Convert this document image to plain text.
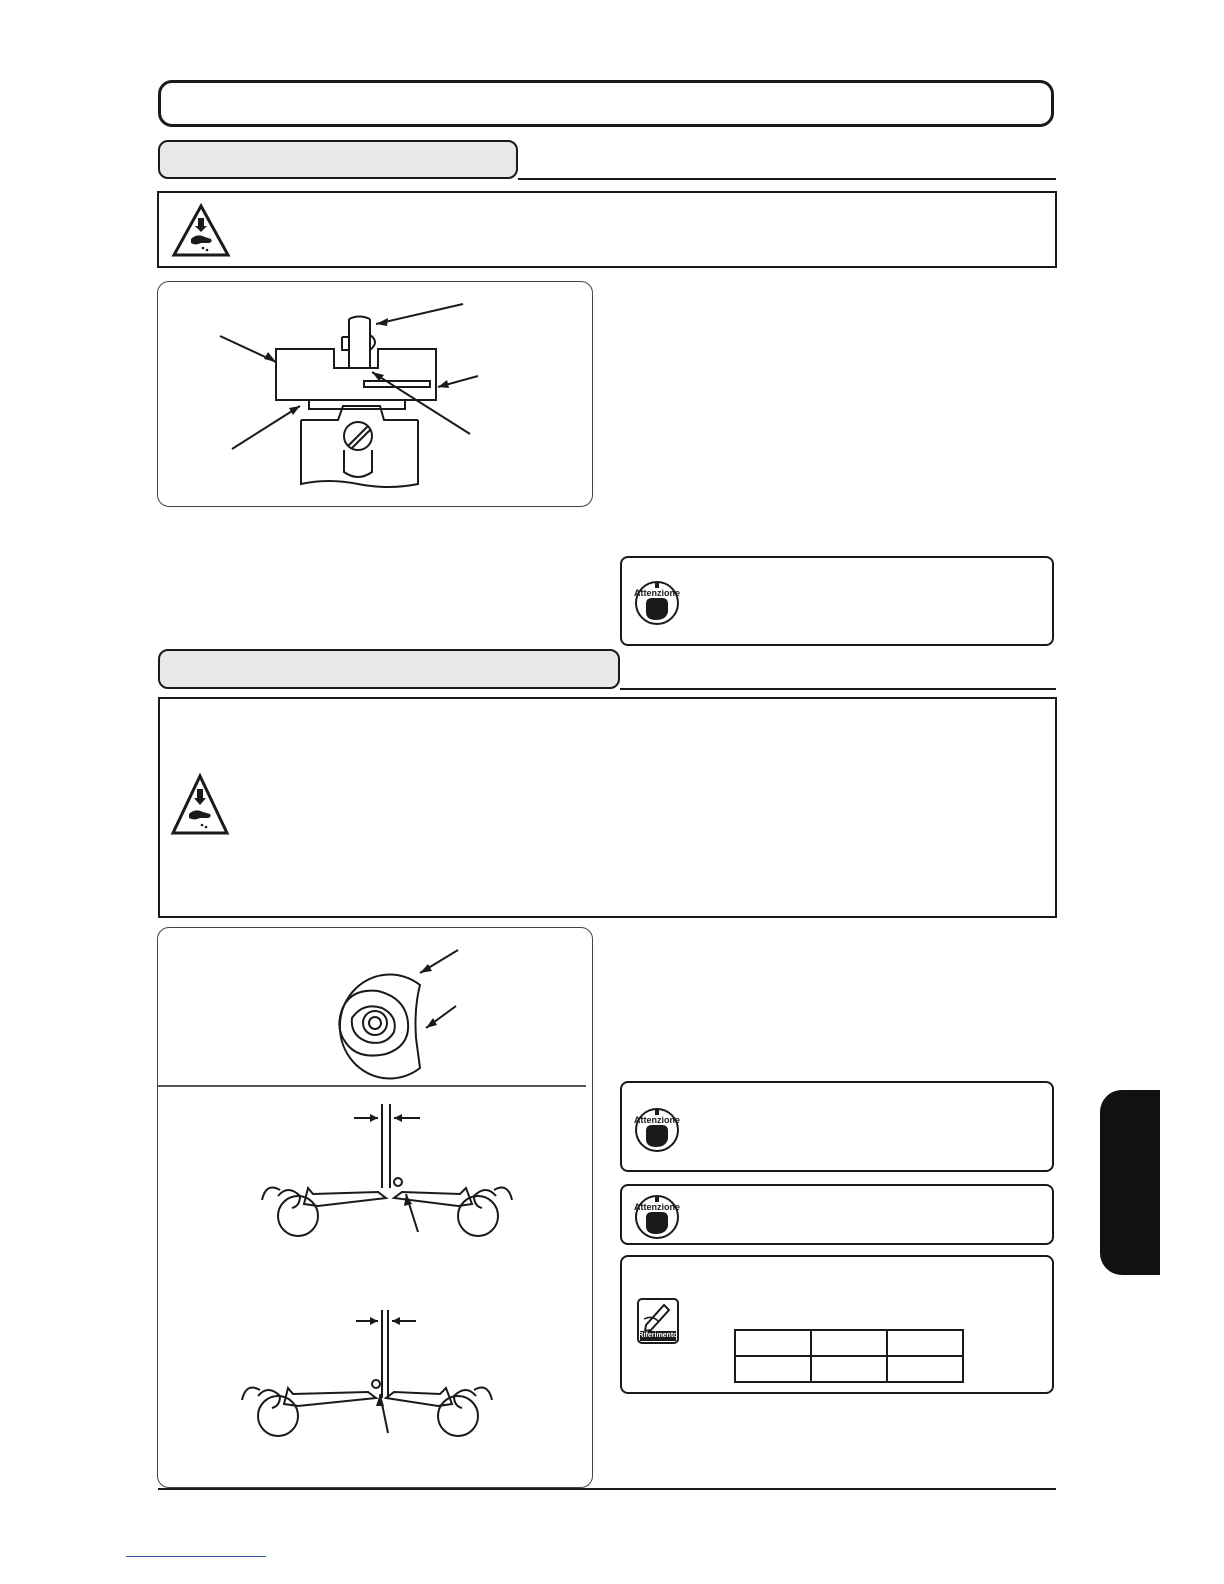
Attenzione
Attenzione
Attenzione
Riferimento
